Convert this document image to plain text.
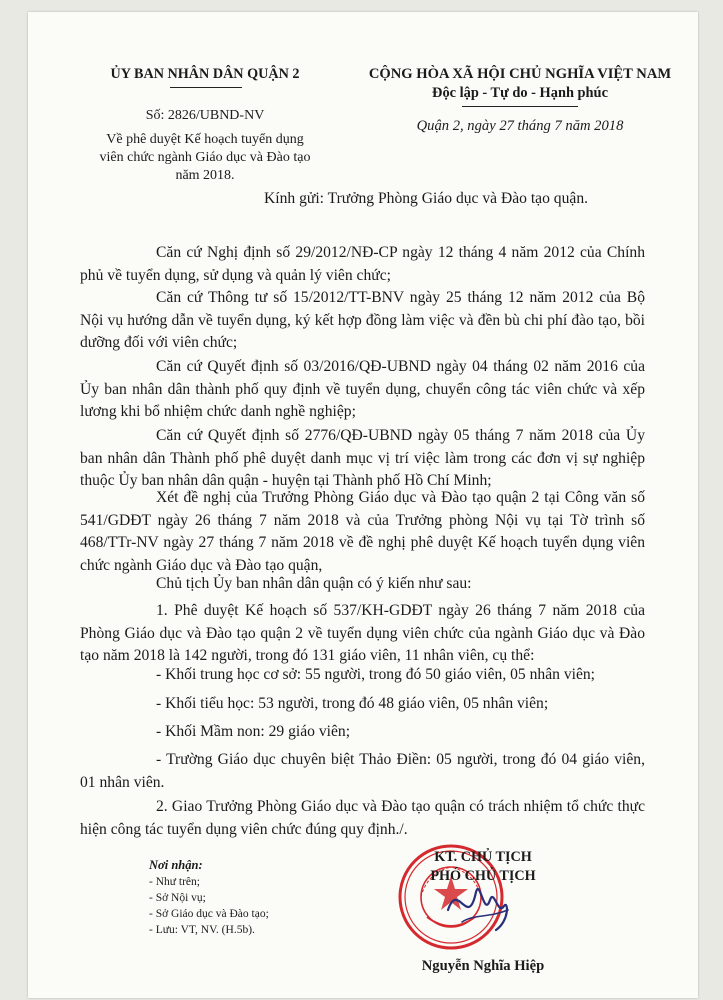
ỦY BAN NHÂN DÂN QUẬN 2
Số: 2826/UBND-NV
Về phê duyệt Kế hoạch tuyển dụng
viên chức ngành Giáo dục và Đào tạo
năm 2018.
CỘNG HÒA XÃ HỘI CHỦ NGHĨA VIỆT NAM
Độc lập - Tự do - Hạnh phúc
Quận 2, ngày 27 tháng 7 năm 2018
Kính gửi: Trưởng Phòng Giáo dục và Đào tạo quận.
Căn cứ Nghị định số 29/2012/NĐ-CP ngày 12 tháng 4 năm 2012 của Chính phủ về tuyển dụng, sử dụng và quản lý viên chức;
Căn cứ Thông tư số 15/2012/TT-BNV ngày 25 tháng 12 năm 2012 của Bộ Nội vụ hướng dẫn về tuyển dụng, ký kết hợp đồng làm việc và đền bù chi phí đào tạo, bồi dưỡng đối với viên chức;
Căn cứ Quyết định số 03/2016/QĐ-UBND ngày 04 tháng 02 năm 2016 của Ủy ban nhân dân thành phố quy định về tuyển dụng, chuyển công tác viên chức và xếp lương khi bổ nhiệm chức danh nghề nghiệp;
Căn cứ Quyết định số 2776/QĐ-UBND ngày 05 tháng 7 năm 2018 của Ủy ban nhân dân Thành phố phê duyệt danh mục vị trí việc làm trong các đơn vị sự nghiệp thuộc Ủy ban nhân dân quận - huyện tại Thành phố Hồ Chí Minh;
Xét đề nghị của Trưởng Phòng Giáo dục và Đào tạo quận 2 tại Công văn số 541/GDĐT ngày 26 tháng 7 năm 2018 và của Trưởng phòng Nội vụ tại Tờ trình số 468/TTr-NV ngày 27 tháng 7 năm 2018 về đề nghị phê duyệt Kế hoạch tuyển dụng viên chức ngành Giáo dục và Đào tạo quận,
Chủ tịch Ủy ban nhân dân quận có ý kiến như sau:
1. Phê duyệt Kế hoạch số 537/KH-GDĐT ngày 26 tháng 7 năm 2018 của Phòng Giáo dục và Đào tạo quận 2 về tuyển dụng viên chức của ngành Giáo dục và Đào tạo năm 2018 là 142 người, trong đó 131 giáo viên, 11 nhân viên, cụ thể:
- Khối trung học cơ sở: 55 người, trong đó 50 giáo viên, 05 nhân viên;
- Khối tiểu học: 53 người, trong đó 48 giáo viên, 05 nhân viên;
- Khối Mầm non: 29 giáo viên;
- Trường Giáo dục chuyên biệt Thảo Điền: 05 người, trong đó 04 giáo viên, 01 nhân viên.
2. Giao Trưởng Phòng Giáo dục và Đào tạo quận có trách nhiệm tổ chức thực hiện công tác tuyển dụng viên chức đúng quy định./.
Nơi nhận:
- Như trên;
- Sở Nội vụ;
- Sở Giáo dục và Đào tạo;
- Lưu: VT, NV. (H.5b).
KT. CHỦ TỊCH
PHÓ CHỦ TỊCH
Nguyễn Nghĩa Hiệp
